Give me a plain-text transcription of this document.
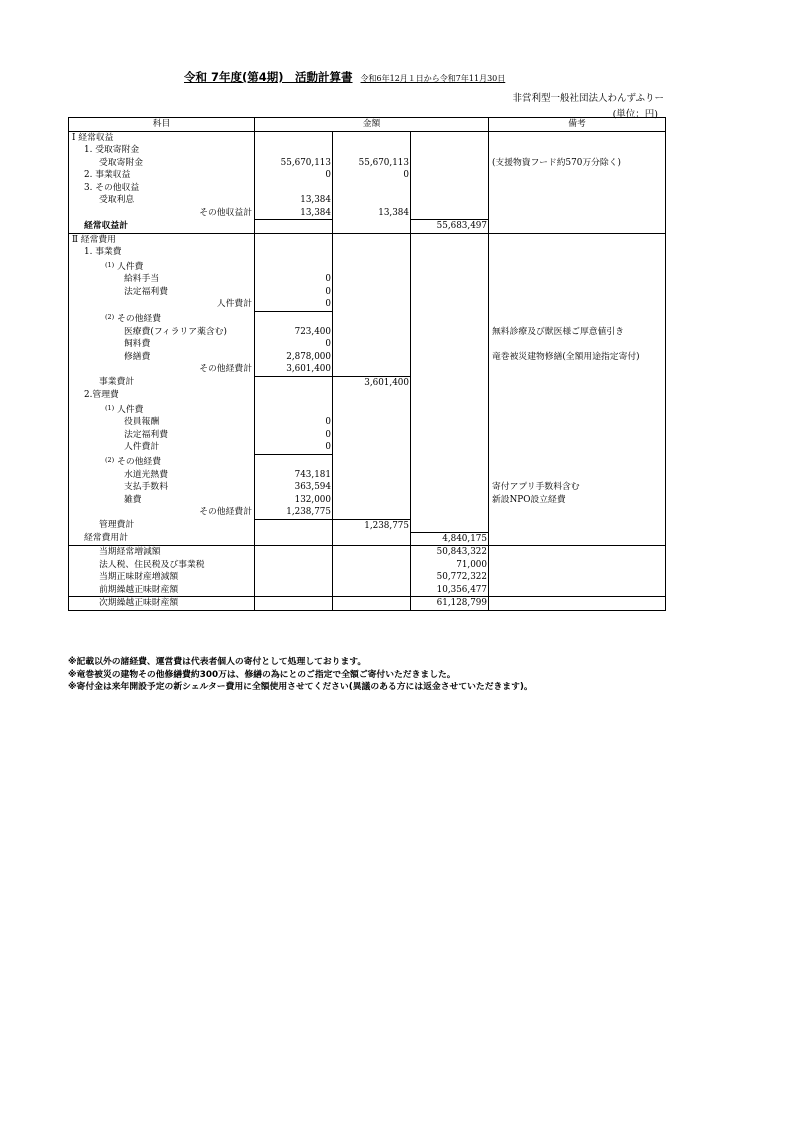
令和 7年度(第4期)　活動計算書 令和6年12月１日から令和7年11月30日
非営利型一般社団法人わんずふりー
(単位：円)
科目	金額			備考
Ⅰ 経常収益				
1. 受取寄附金				
受取寄附金	55,670,113	55,670,113		(支援物資フード約570万分除く)
2. 事業収益	0	0		
3. その他収益				
受取利息	13,384			
その他収益計	13,384	13,384		
経常収益計			55,683,497	
Ⅱ 経常費用				
1. 事業費				
$^{(1)}$ 人件費				
給料手当	0			
法定福利費	0			
人件費計	0			
$^{(2)}$ その他経費				
医療費(フィラリア薬含む)	723,400			無料診療及び獣医様ご厚意値引き
飼料費	0			
修繕費	2,878,000			竜巻被災建物修繕(全額用途指定寄付)
その他経費計	3,601,400			
事業費計		3,601,400		
2.管理費				
$^{(1)}$ 人件費				
役員報酬	0			
法定福利費	0			
人件費計	0			
$^{(2)}$ その他経費				
水道光熱費	743,181			
支払手数料	363,594			寄付アプリ手数料含む
雑費	132,000			新設NPO設立経費
その他経費計	1,238,775			
管理費計		1,238,775		
経常費用計			4,840,175	
当期経常増減額			50,843,322	
法人税、住民税及び事業税			71,000	
当期正味財産増減額			50,772,322	
前期繰越正味財産額			10,356,477	
次期繰越正味財産額			61,128,799	
※記載以外の諸経費、運営費は代表者個人の寄付として処理しております。
※竜巻被災の建物その他修繕費約300万は、修繕の為にとのご指定で全額ご寄付いただきました。
※寄付金は来年開設予定の新シェルター費用に全額使用させてください(異議のある方には返金させていただきます)。
